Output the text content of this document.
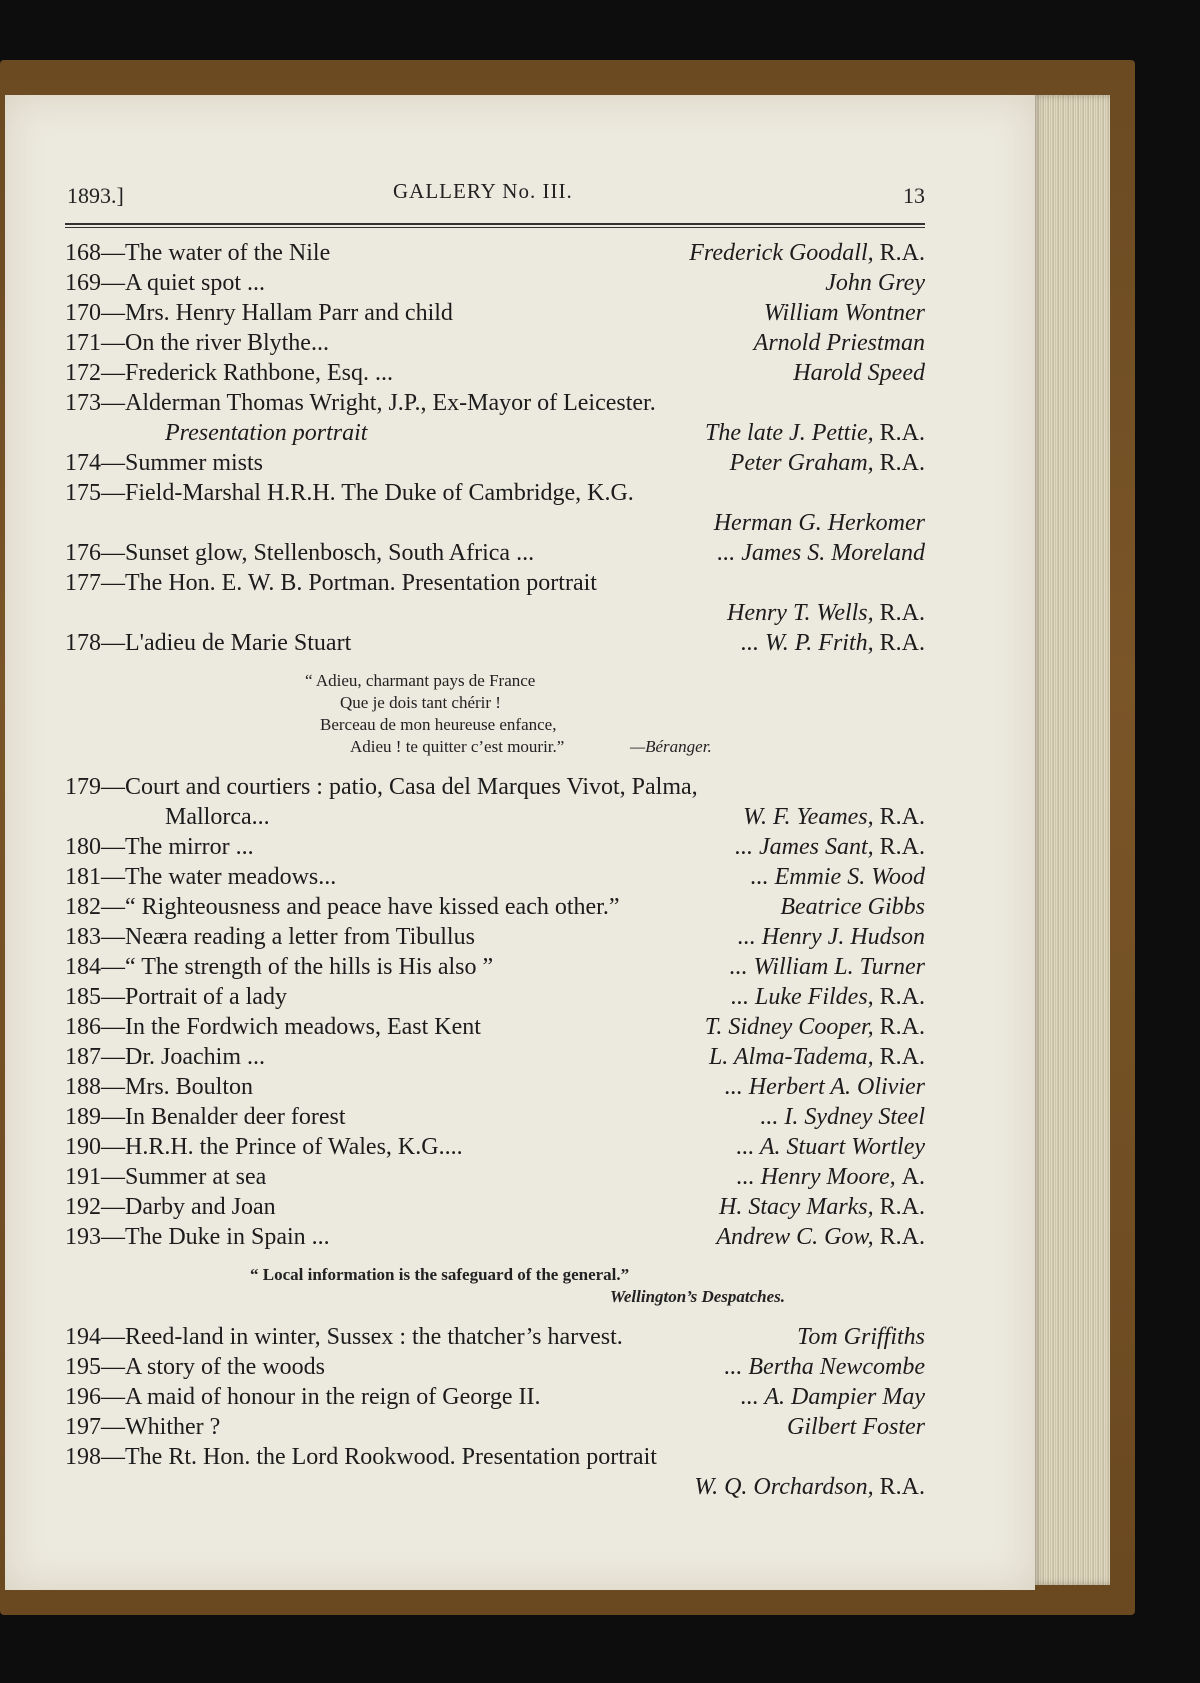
1893.]	GALLERY No. III.	13
168—The water of the Nile	Frederick Goodall, R.A.
169—A quiet spot ...	John Grey
170—Mrs. Henry Hallam Parr and child	William Wontner
171—On the river Blythe...	Arnold Priestman
172—Frederick Rathbone, Esq. ...	Harold Speed
173—Alderman Thomas Wright, J.P., Ex-Mayor of Leicester.
Presentation portrait	The late J. Pettie, R.A.
174—Summer mists	Peter Graham, R.A.
175—Field-Marshal H.R.H. The Duke of Cambridge, K.G.
Herman G. Herkomer
176—Sunset glow, Stellenbosch, South Africa ...	... James S. Moreland
177—The Hon. E. W. B. Portman. Presentation portrait
Henry T. Wells, R.A.
178—L'adieu de Marie Stuart	... W. P. Frith, R.A.
“ Adieu, charmant pays de France
Que je dois tant chérir !
Berceau de mon heureuse enfance,
Adieu ! te quitter c’est mourir.”	—Béranger.
179—Court and courtiers : patio, Casa del Marques Vivot, Palma,
Mallorca...	W. F. Yeames, R.A.
180—The mirror ...	... James Sant, R.A.
181—The water meadows...	... Emmie S. Wood
182—“ Righteousness and peace have kissed each other.”	Beatrice Gibbs
183—Neæra reading a letter from Tibullus	... Henry J. Hudson
184—“ The strength of the hills is His also ”	... William L. Turner
185—Portrait of a lady	... Luke Fildes, R.A.
186—In the Fordwich meadows, East Kent	T. Sidney Cooper, R.A.
187—Dr. Joachim ...	L. Alma-Tadema, R.A.
188—Mrs. Boulton	... Herbert A. Olivier
189—In Benalder deer forest	... I. Sydney Steel
190—H.R.H. the Prince of Wales, K.G....	... A. Stuart Wortley
191—Summer at sea	... Henry Moore, A.
192—Darby and Joan	H. Stacy Marks, R.A.
193—The Duke in Spain ...	Andrew C. Gow, R.A.
“ Local information is the safeguard of the general.”
Wellington’s Despatches.
194—Reed-land in winter, Sussex : the thatcher’s harvest.	Tom Griffiths
195—A story of the woods	... Bertha Newcombe
196—A maid of honour in the reign of George II.	... A. Dampier May
197—Whither ?	Gilbert Foster
198—The Rt. Hon. the Lord Rookwood. Presentation portrait
W. Q. Orchardson, R.A.
